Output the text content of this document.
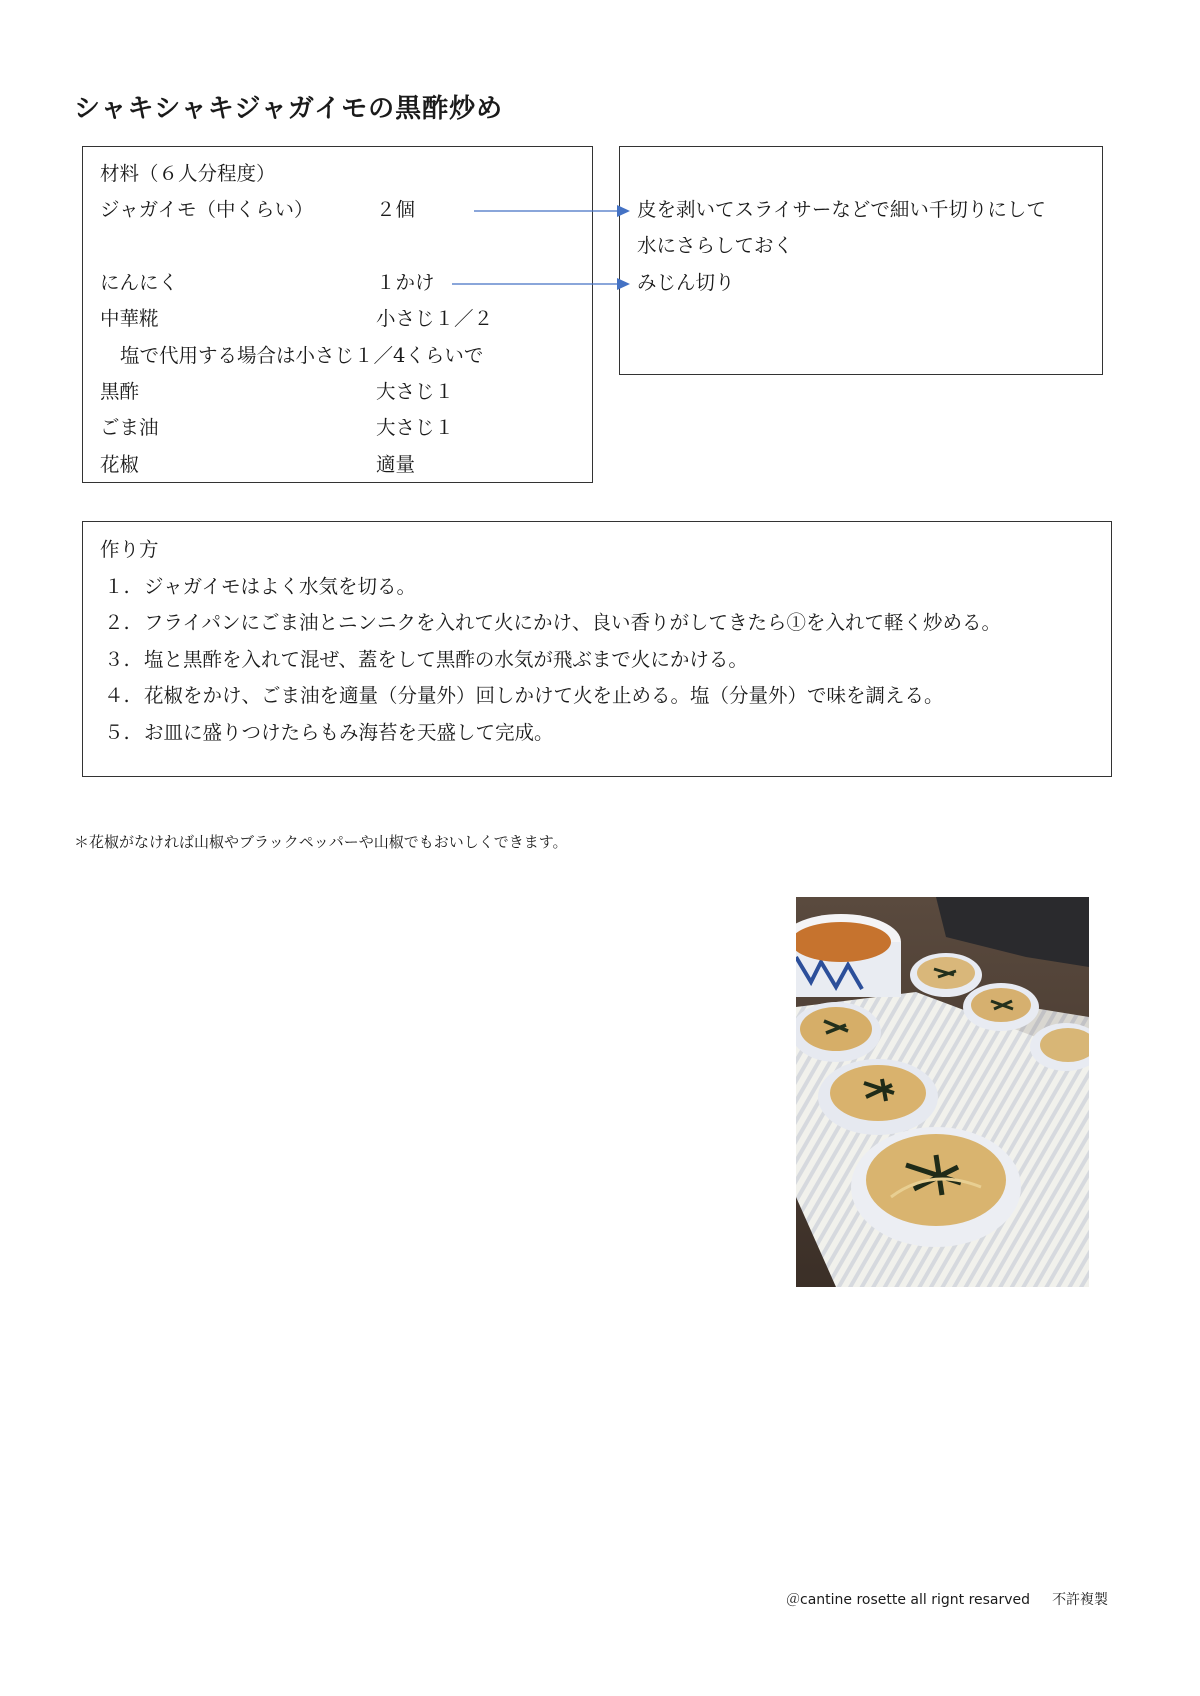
シャキシャキジャガイモの黒酢炒め
材料（６人分程度）
ジャガイモ（中くらい）	２個
にんにく	１かけ
中華糀	小さじ１／２
塩で代用する場合は小さじ１／4くらいで
黒酢	大さじ１
ごま油	大さじ１
花椒	適量
皮を剥いてスライサーなどで細い千切りにして
水にさらしておく
みじん切り
作り方
１. ジャガイモはよく水気を切る。
２. フライパンにごま油とニンニクを入れて火にかけ、良い香りがしてきたら①を入れて軽く炒める。
３. 塩と黒酢を入れて混ぜ、蓋をして黒酢の水気が飛ぶまで火にかける。
４. 花椒をかけ、ごま油を適量（分量外）回しかけて火を止める。塩（分量外）で味を調える。
５. お皿に盛りつけたらもみ海苔を天盛して完成。
＊花椒がなければ山椒やブラックペッパーや山椒でもおいしくできます。
＠cantine rosette all rignt resarved 不許複製
